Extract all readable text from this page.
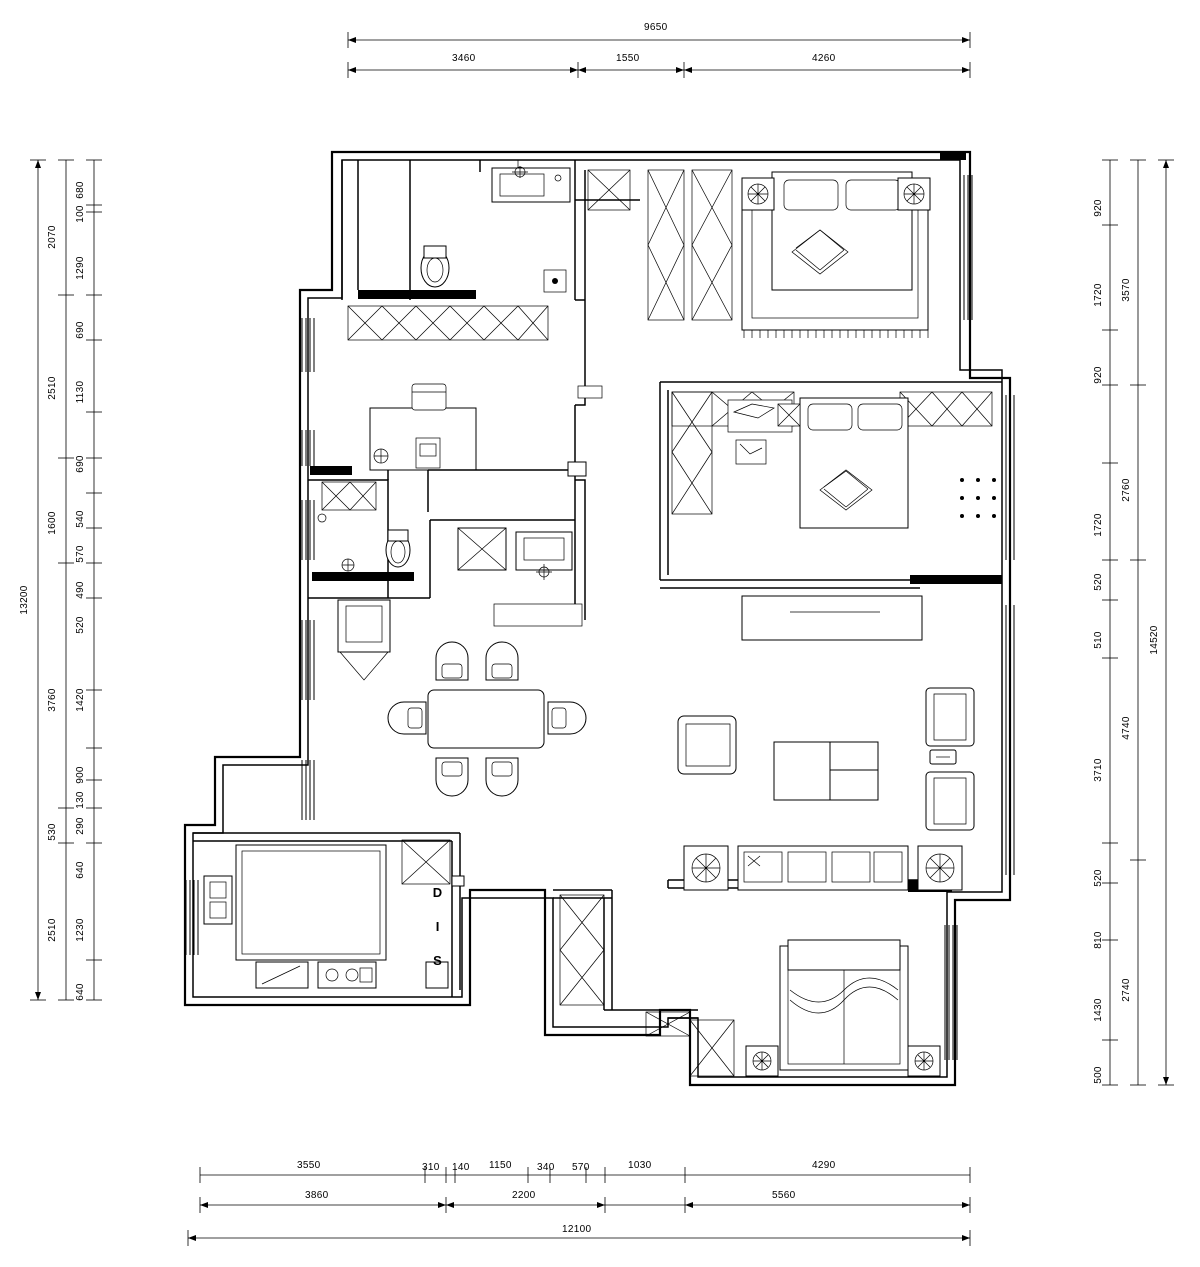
9650
3460	1550	4260
13200
2070
2510
1600
3760
530
2510
680
100
1290
690
1130
690
540
570
490
520
1420
900
130
290
640
1230
640
14520
3570
2760
4740
2740
920
1720
920
1720
520
510
3710
520
810
1430
500
3550	310 140 1150	340 570	1030	4290
3860	2200	5560
12100
D I S
